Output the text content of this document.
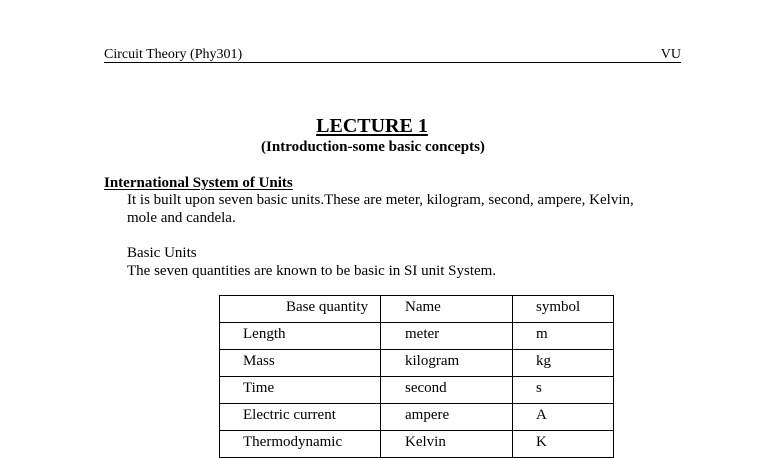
Circuit Theory (Phy301)	VU
LECTURE 1
(Introduction-some basic concepts)
International System of Units
It is built upon seven basic units.These are meter, kilogram, second, ampere, Kelvin, mole and candela.
Basic Units
The seven quantities are known to be basic in SI unit System.
Base quantity	Name	symbol

Length	meter	m

Mass	kilogram	kg

Time	second	s

Electric current	ampere	A

Thermodynamic	Kelvin	K
